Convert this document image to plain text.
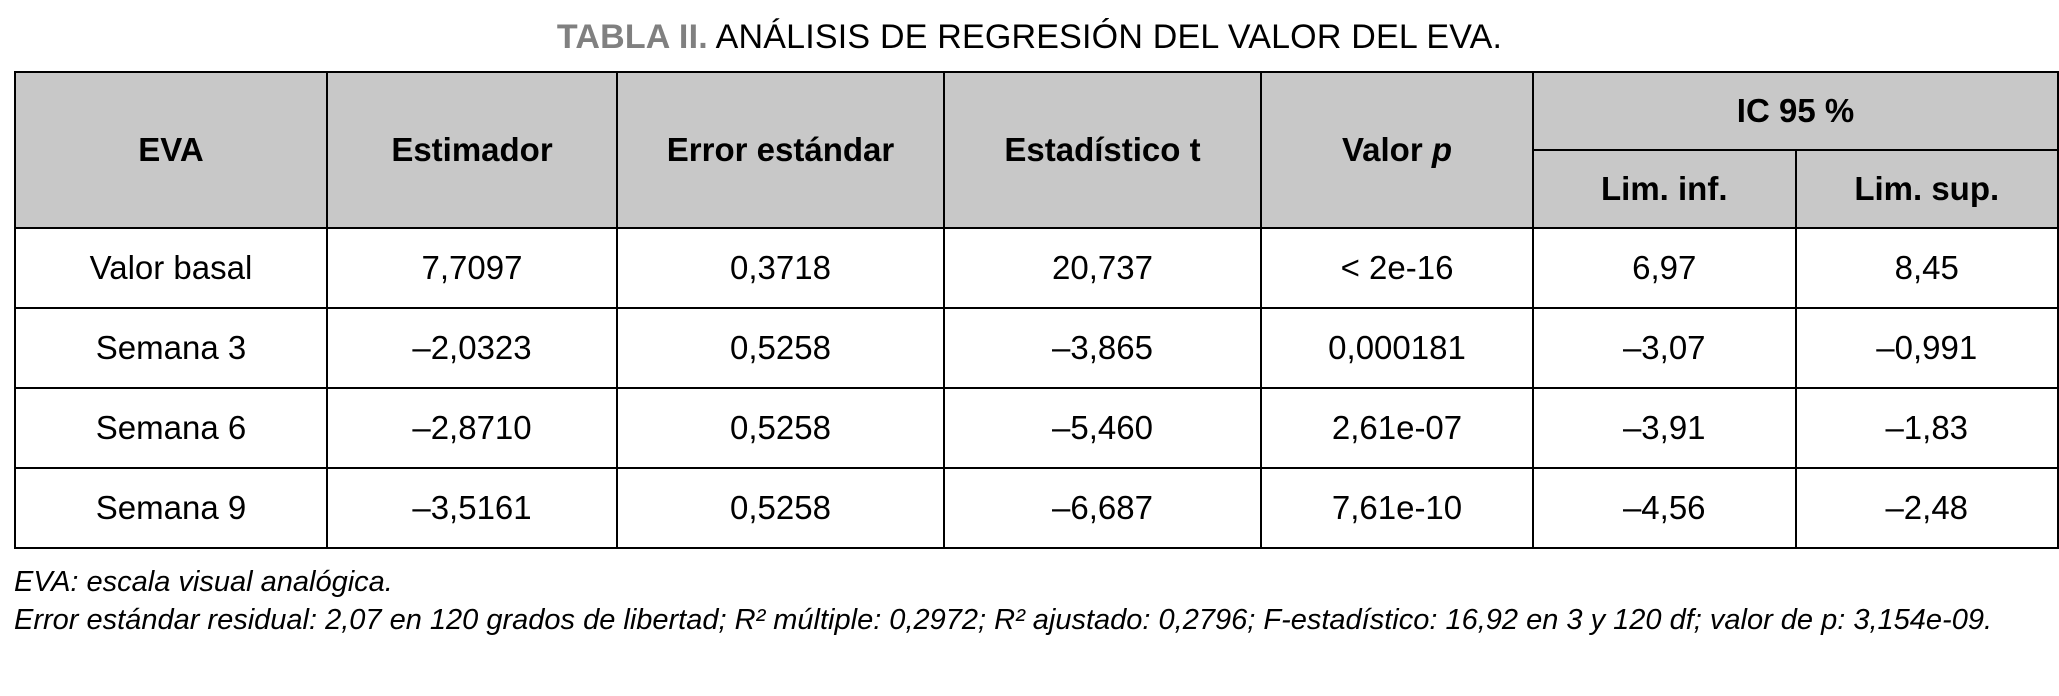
TABLA II. ANÁLISIS DE REGRESIÓN DEL VALOR DEL EVA.
EVA	Estimador	Error estándar	Estadístico t	Valor p	IC 95 %	
					Lim. inf.	Lim. sup.
Valor basal	7,7097	0,3718	20,737	< 2e-16	6,97	8,45
Semana 3	–2,0323	0,5258	–3,865	0,000181	–3,07	–0,991
Semana 6	–2,8710	0,5258	–5,460	2,61e-07	–3,91	–1,83
Semana 9	–3,5161	0,5258	–6,687	7,61e-10	–4,56	–2,48

EVA: escala visual analógica.

Error estándar residual: 2,07 en 120 grados de libertad; R² múltiple: 0,2972; R² ajustado: 0,2796; F-estadístico: 16,92 en 3 y 120 df; valor de p: 3,154e-09.
